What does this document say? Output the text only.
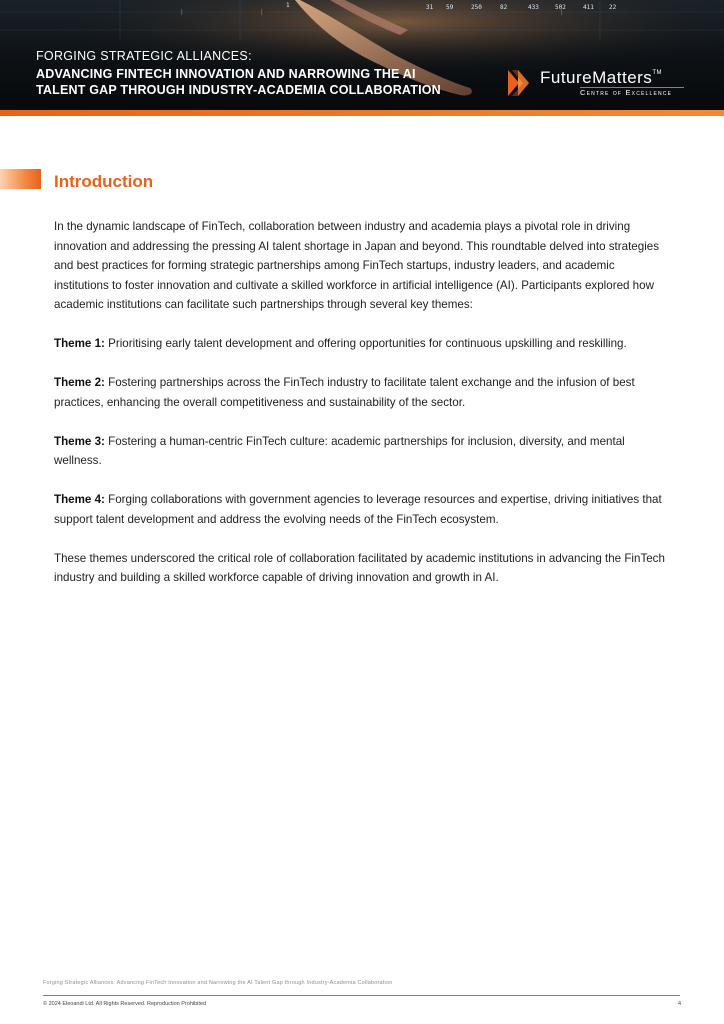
|	|	|
1	31 59	250	82	433	502	411	22
FORGING STRATEGIC ALLIANCES:
ADVANCING FINTECH INNOVATION AND NARROWING THE AI TALENT GAP THROUGH INDUSTRY-ACADEMIA COLLABORATION
FutureMatters™
Centre of Excellence
Introduction

In the dynamic landscape of FinTech, collaboration between industry and academia plays a pivotal role in driving innovation and addressing the pressing AI talent shortage in Japan and beyond. This roundtable delved into strategies and best practices for forming strategic partnerships among FinTech startups, industry leaders, and academic institutions to foster innovation and cultivate a skilled workforce in artificial intelligence (AI). Participants explored how academic institutions can facilitate such partnerships through several key themes:

Theme 1: Prioritising early talent development and offering opportunities for continuous upskilling and reskilling.

Theme 2: Fostering partnerships across the FinTech industry to facilitate talent exchange and the infusion of best practices, enhancing the overall competitiveness and sustainability of the sector.

Theme 3: Fostering a human-centric FinTech culture: academic partnerships for inclusion, diversity, and mental wellness.

Theme 4: Forging collaborations with government agencies to leverage resources and expertise, driving initiatives that support talent development and address the evolving needs of the FinTech ecosystem.

These themes underscored the critical role of collaboration facilitated by academic institutions in advancing the FinTech industry and building a skilled workforce capable of driving innovation and growth in AI.

Forging Strategic Alliances: Advancing FinTech Innovation and Narrowing the AI Talent Gap through Industry-Academia Collaboration
© 2024 Eleoandi Ltd. All Rights Reserved. Reproduction Prohibited	4
